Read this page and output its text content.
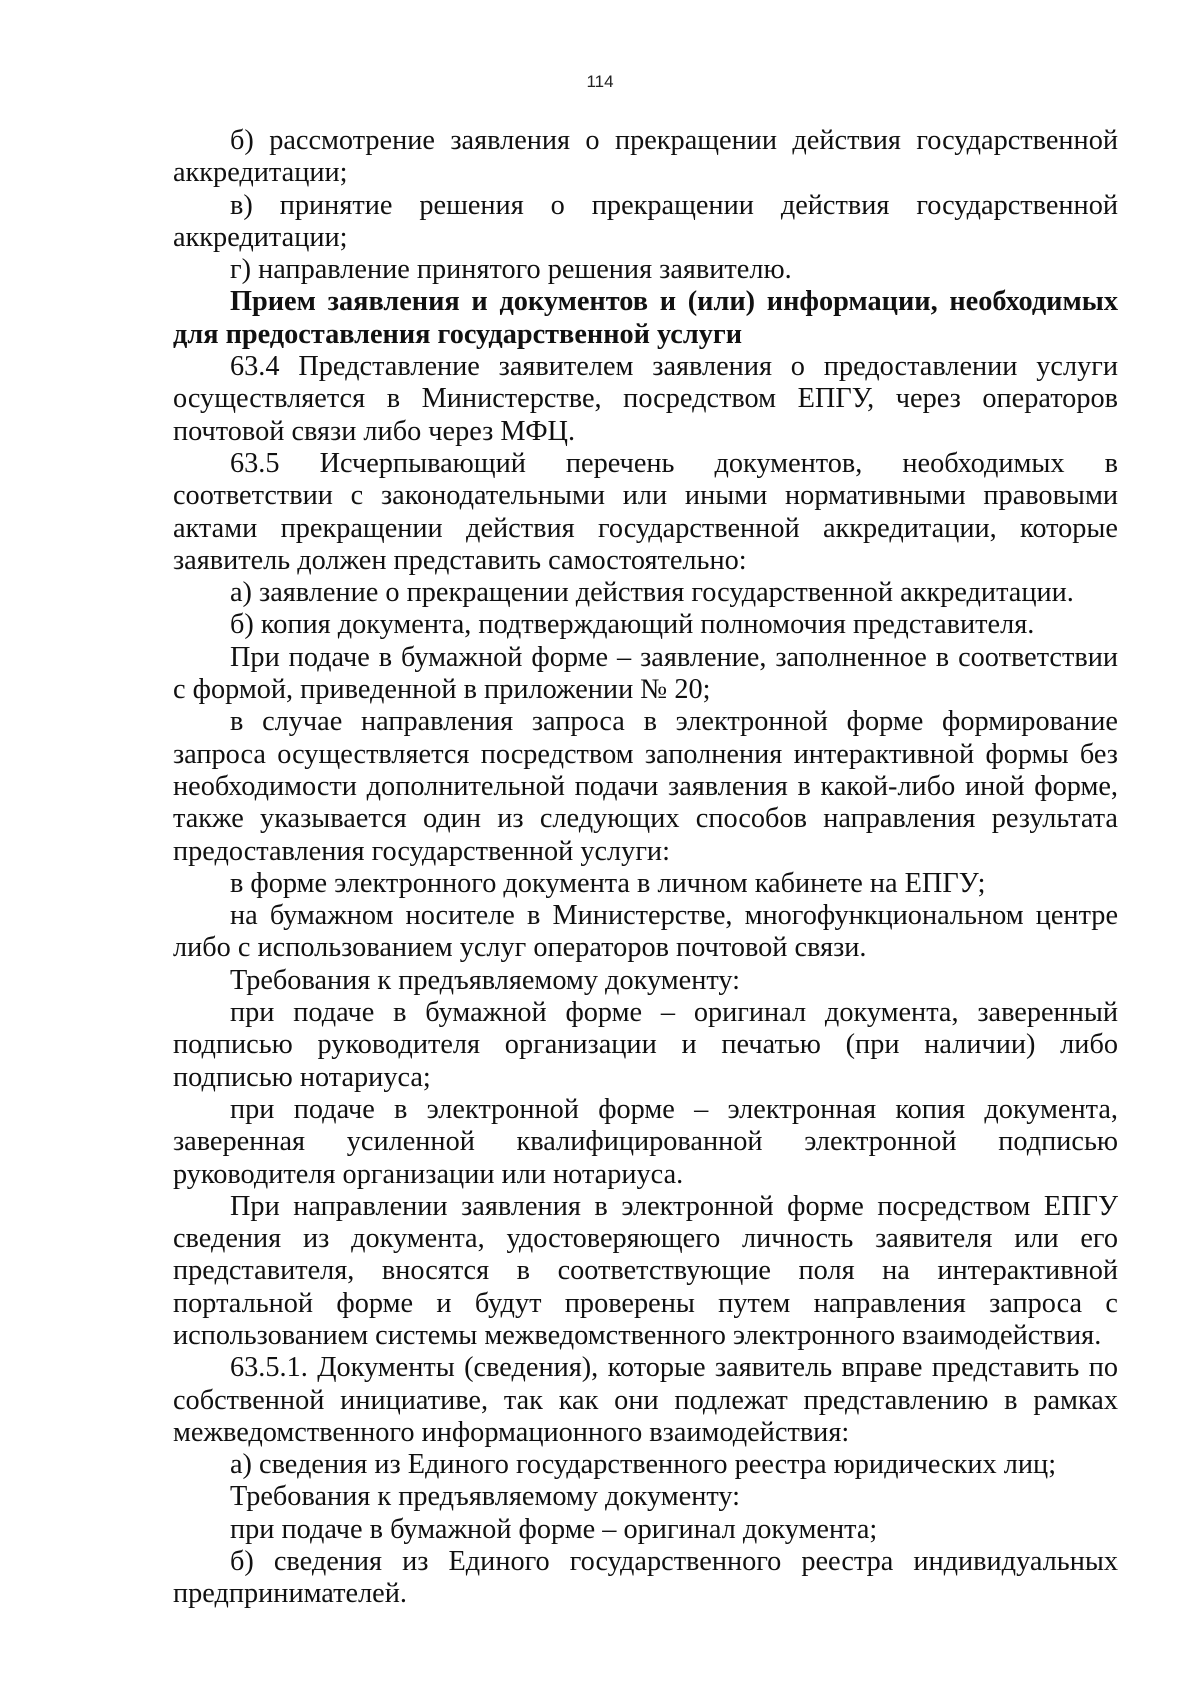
114

б) рассмотрение заявления о прекращении действия государственной аккредитации;

в) принятие решения о прекращении действия государственной аккредитации;

г) направление принятого решения заявителю.

Прием заявления и документов и (или) информации, необходимых для предоставления государственной услуги

63.4 Представление заявителем заявления о предоставлении услуги осуществляется в Министерстве, посредством ЕПГУ, через операторов почтовой связи либо через МФЦ.

63.5 Исчерпывающий перечень документов, необходимых в соответствии с законодательными или иными нормативными правовыми актами прекращении действия государственной аккредитации, которые заявитель должен представить самостоятельно:

а) заявление о прекращении действия государственной аккредитации.

б) копия документа, подтверждающий полномочия представителя.

При подаче в бумажной форме – заявление, заполненное в соответствии с формой, приведенной в приложении № 20;

в случае направления запроса в электронной форме формирование запроса осуществляется посредством заполнения интерактивной формы без необходимости дополнительной подачи заявления в какой-либо иной форме, также указывается один из следующих способов направления результата предоставления государственной услуги:

в форме электронного документа в личном кабинете на ЕПГУ;

на бумажном носителе в Министерстве, многофункциональном центре либо с использованием услуг операторов почтовой связи.

Требования к предъявляемому документу:

при подаче в бумажной форме – оригинал документа, заверенный подписью руководителя организации и печатью (при наличии) либо подписью нотариуса;

при подаче в электронной форме – электронная копия документа, заверенная усиленной квалифицированной электронной подписью руководителя организации или нотариуса.

При направлении заявления в электронной форме посредством ЕПГУ сведения из документа, удостоверяющего личность заявителя или его представителя, вносятся в соответствующие поля на интерактивной портальной форме и будут проверены путем направления запроса с использованием системы межведомственного электронного взаимодействия.

63.5.1. Документы (сведения), которые заявитель вправе представить по собственной инициативе, так как они подлежат представлению в рамках межведомственного информационного взаимодействия:

а) сведения из Единого государственного реестра юридических лиц;

Требования к предъявляемому документу:

при подаче в бумажной форме – оригинал документа;

б) сведения из Единого государственного реестра индивидуальных предпринимателей.
